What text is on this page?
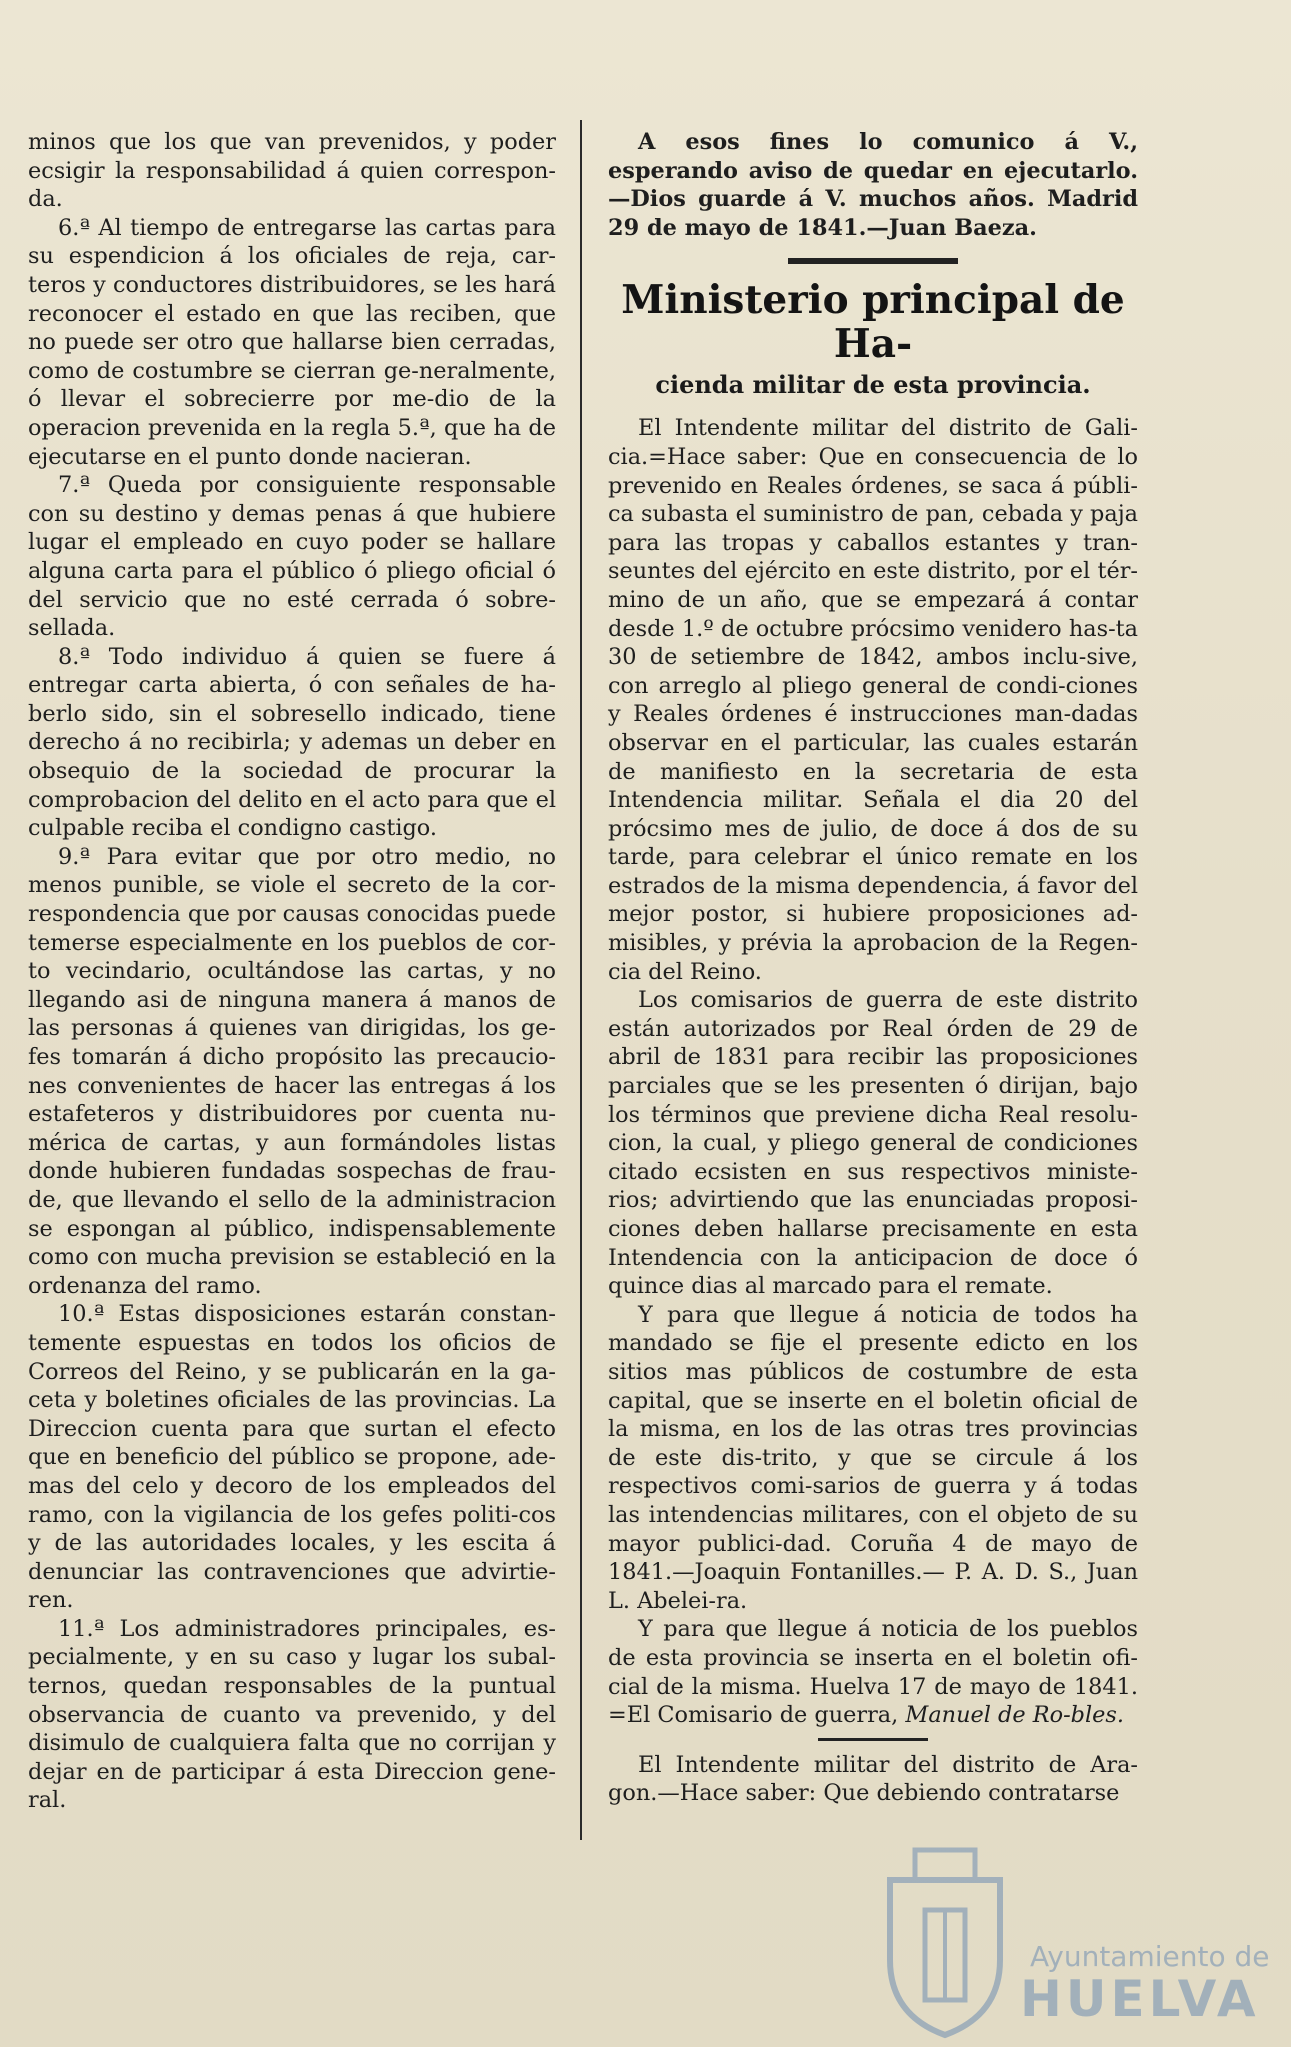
minos que los que van prevenidos, y poder ecsigir la responsabilidad á quien correspon-da.

6.ª Al tiempo de entregarse las cartas para su espendicion á los oficiales de reja, car-teros y conductores distribuidores, se les hará reconocer el estado en que las reciben, que no puede ser otro que hallarse bien cerradas, como de costumbre se cierran ge-neralmente, ó llevar el sobrecierre por me-dio de la operacion prevenida en la regla 5.ª, que ha de ejecutarse en el punto donde nacieran.

7.ª Queda por consiguiente responsable con su destino y demas penas á que hubiere lugar el empleado en cuyo poder se hallare alguna carta para el público ó pliego oficial ó del servicio que no esté cerrada ó sobre-sellada.

8.ª Todo individuo á quien se fuere á entregar carta abierta, ó con señales de ha-berlo sido, sin el sobresello indicado, tiene derecho á no recibirla; y ademas un deber en obsequio de la sociedad de procurar la comprobacion del delito en el acto para que el culpable reciba el condigno castigo.

9.ª Para evitar que por otro medio, no menos punible, se viole el secreto de la cor-respondencia que por causas conocidas puede temerse especialmente en los pueblos de cor-to vecindario, ocultándose las cartas, y no llegando asi de ninguna manera á manos de las personas á quienes van dirigidas, los ge-fes tomarán á dicho propósito las precaucio-nes convenientes de hacer las entregas á los estafeteros y distribuidores por cuenta nu-mérica de cartas, y aun formándoles listas donde hubieren fundadas sospechas de frau-de, que llevando el sello de la administracion se espongan al público, indispensablemente como con mucha prevision se estableció en la ordenanza del ramo.

10.ª Estas disposiciones estarán constan-temente espuestas en todos los oficios de Correos del Reino, y se publicarán en la ga-ceta y boletines oficiales de las provincias. La Direccion cuenta para que surtan el efecto que en beneficio del público se propone, ade-mas del celo y decoro de los empleados del ramo, con la vigilancia de los gefes politi-cos y de las autoridades locales, y les escita á denunciar las contravenciones que advirtie-ren.

11.ª Los administradores principales, es-pecialmente, y en su caso y lugar los subal-ternos, quedan responsables de la puntual observancia de cuanto va prevenido, y del disimulo de cualquiera falta que no corrijan y dejar en de participar á esta Direccion gene-ral.

A esos fines lo comunico á V., esperando aviso de quedar en ejecutarlo.—Dios guarde á V. muchos años. Madrid 29 de mayo de 1841.—Juan Baeza.

Ministerio principal de Ha-
cienda militar de esta provincia.

El Intendente militar del distrito de Gali-cia.=Hace saber: Que en consecuencia de lo prevenido en Reales órdenes, se saca á públi-ca subasta el suministro de pan, cebada y paja para las tropas y caballos estantes y tran-seuntes del ejército en este distrito, por el tér-mino de un año, que se empezará á contar desde 1.º de octubre prócsimo venidero has-ta 30 de setiembre de 1842, ambos inclu-sive, con arreglo al pliego general de condi-ciones y Reales órdenes é instrucciones man-dadas observar en el particular, las cuales estarán de manifiesto en la secretaria de esta Intendencia militar. Señala el dia 20 del prócsimo mes de julio, de doce á dos de su tarde, para celebrar el único remate en los estrados de la misma dependencia, á favor del mejor postor, si hubiere proposiciones ad-misibles, y prévia la aprobacion de la Regen-cia del Reino.

Los comisarios de guerra de este distrito están autorizados por Real órden de 29 de abril de 1831 para recibir las proposiciones parciales que se les presenten ó dirijan, bajo los términos que previene dicha Real resolu-cion, la cual, y pliego general de condiciones citado ecsisten en sus respectivos ministe-rios; advirtiendo que las enunciadas proposi-ciones deben hallarse precisamente en esta Intendencia con la anticipacion de doce ó quince dias al marcado para el remate.

Y para que llegue á noticia de todos ha mandado se fije el presente edicto en los sitios mas públicos de costumbre de esta capital, que se inserte en el boletin oficial de la misma, en los de las otras tres provincias de este dis-trito, y que se circule á los respectivos comi-sarios de guerra y á todas las intendencias militares, con el objeto de su mayor publici-dad. Coruña 4 de mayo de 1841.—Joaquin Fontanilles.— P. A. D. S., Juan L. Abelei-ra.

Y para que llegue á noticia de los pueblos de esta provincia se inserta en el boletin ofi-cial de la misma. Huelva 17 de mayo de 1841. =El Comisario de guerra, Manuel de Ro-bles.

El Intendente militar del distrito de Ara-gon.—Hace saber: Que debiendo contratarse

Ayuntamiento de
HUELVA
